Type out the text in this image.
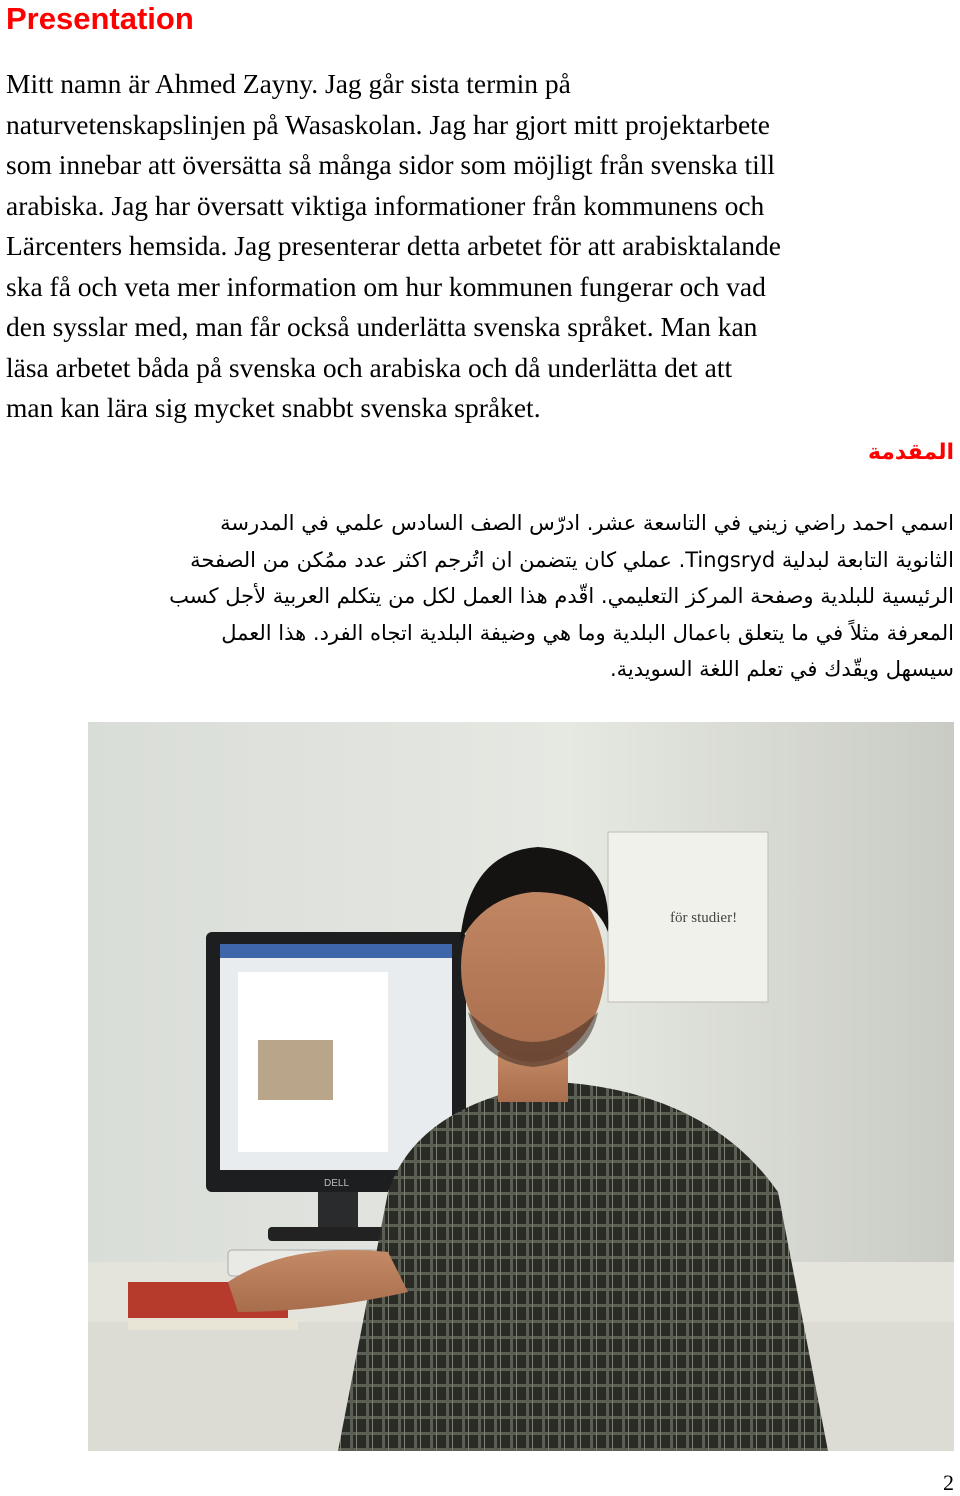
Presentation
Mitt namn är Ahmed Zayny. Jag går sista termin på
naturvetenskapslinjen på Wasaskolan. Jag har gjort mitt projektarbete
som innebar att översätta så många sidor som möjligt från svenska till
arabiska. Jag har översatt viktiga informationer från kommunens och
Lärcenters hemsida. Jag presenterar detta arbetet för att arabisktalande
ska få och veta mer information om hur kommunen fungerar och vad
den sysslar med, man får också underlätta svenska språket. Man kan
läsa arbetet båda på svenska och arabiska och då underlätta det att
man kan lära sig mycket snabbt svenska språket.
المقدمة
اسمي احمد راضي زيني في التاسعة عشر. ادرّس الصف السادس علمي في المدرسة
الثانوية التابعة لبدلية Tingsryd. عملي كان يتضمن ان اتُرجم اكثر عدد ممُكن من الصفحة
الرئيسية للبلدية وصفحة المركز التعليمي. اقّدم هذا العمل لكل من يتكلم العربية لأجل كسب
المعرفة مثلاً في ما يتعلق باعمال البلدية وما هي وضيفة البلدية اتجاه الفرد. هذا العمل
سيسهل ويقّدك في تعلم اللغة السويدية.
för studier!
DELL
2
